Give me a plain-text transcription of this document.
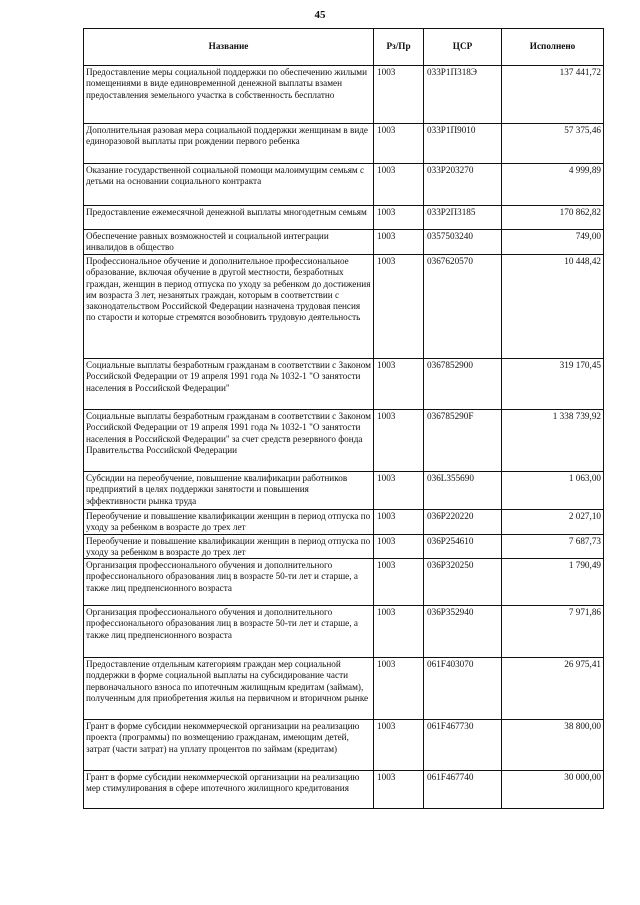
45
Название	Рз/Пр	ЦСР	Исполнено
Предоставление меры социальной поддержки по обеспечению жилыми помещениями в виде единовременной денежной выплаты взамен предоставления земельного участка в собственность бесплатно	1003	033Р1П318Э	137 441,72
Дополнительная разовая мера социальной поддержки женщинам в виде единоразовой выплаты при рождении первого ребенка	1003	033Р1П9010	57 375,46
Оказание государственной социальной помощи малоимущим семьям с детьми на основании социального контракта	1003	033Р203270	4 999,89
Предоставление ежемесячной денежной выплаты многодетным семьям	1003	033Р2П3185	170 862,82
Обеспечение равных возможностей и социальной интеграции инвалидов в общество	1003	0357503240	749,00
Профессиональное обучение и дополнительное профессиональное образование, включая обучение в другой местности, безработных граждан, женщин в период отпуска по уходу за ребенком до достижения им возраста 3 лет, незанятых граждан, которым в соответствии с законодательством Российской Федерации назначена трудовая пенсия по старости и которые стремятся возобновить трудовую деятельность	1003	0367620570	10 448,42
Социальные выплаты безработным гражданам в соответствии с Законом Российской Федерации от 19 апреля 1991 года № 1032-1 "О занятости населения в Российской Федерации"	1003	0367852900	319 170,45
Социальные выплаты безработным гражданам в соответствии с Законом Российской Федерации от 19 апреля 1991 года № 1032-1 "О занятости населения в Российской Федерации" за счет средств резервного фонда Правительства Российской Федерации	1003	036785290F	1 338 739,92
Субсидии на переобучение, повышение квалификации работников предприятий в целях поддержки занятости и повышения эффективности рынка труда	1003	036L355690	1 063,00
Переобучение и повышение квалификации женщин в период отпуска по уходу за ребенком в возрасте до трех лет	1003	036Р220220	2 027,10
Переобучение и повышение квалификации женщин в период отпуска по уходу за ребенком в возрасте до трех лет	1003	036Р254610	7 687,73
Организация профессионального обучения и дополнительного профессионального образования лиц в возрасте 50-ти лет и старше, а также лиц предпенсионного возраста	1003	036Р320250	1 790,49
Организация профессионального обучения и дополнительного профессионального образования лиц в возрасте 50-ти лет и старше, а также лиц предпенсионного возраста	1003	036Р352940	7 971,86
Предоставление отдельным категориям граждан мер социальной поддержки в форме социальной выплаты на субсидирование части первоначального взноса по ипотечным жилищным кредитам (займам), полученным для приобретения жилья на первичном и вторичном рынке	1003	061F403070	26 975,41
Грант в форме субсидии некоммерческой организации на реализацию проекта (программы) по возмещению гражданам, имеющим детей, затрат (части затрат) на уплату процентов по займам (кредитам)	1003	061F467730	38 800,00
Грант в форме субсидии некоммерческой организации на реализацию мер стимулирования в сфере ипотечного жилищного кредитования	1003	061F467740	30 000,00
